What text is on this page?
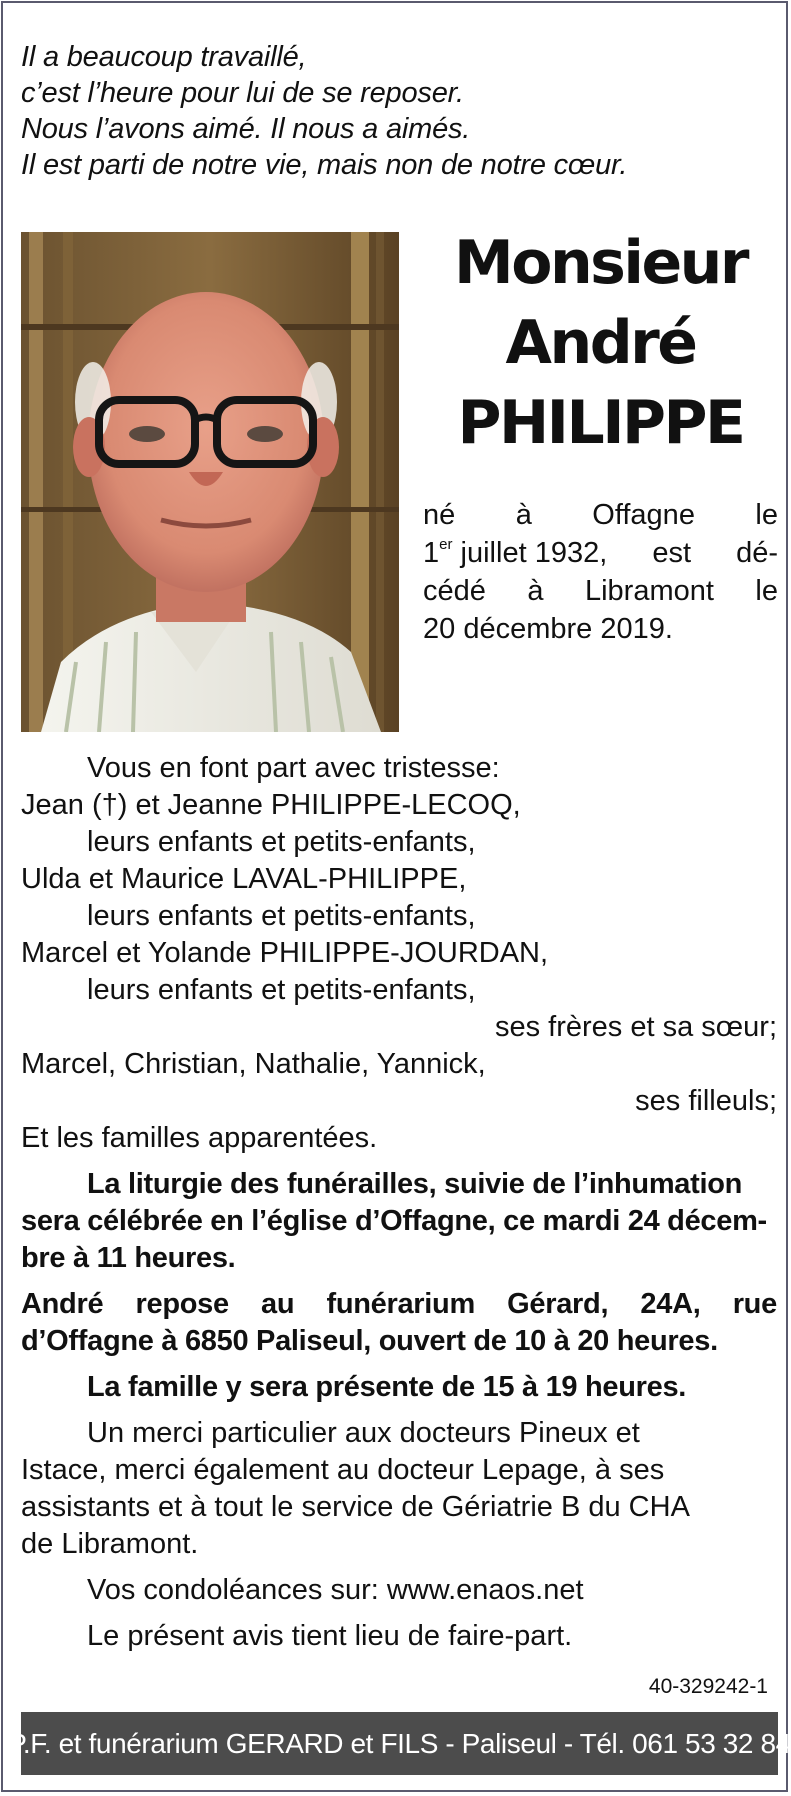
Il a beaucoup travaillé,
c’est l’heure pour lui de se reposer.
Nous l’avons aimé. Il nous a aimés.
Il est parti de notre vie, mais non de notre cœur.
Monsieur
André
PHILIPPE
né à Offagne le
1er juillet 1932, est dé-
cédé à Libramont le
20 décembre 2019.
Vous en font part avec tristesse:
Jean (†) et Jeanne PHILIPPE-LECOQ,
leurs enfants et petits-enfants,
Ulda et Maurice LAVAL-PHILIPPE,
leurs enfants et petits-enfants,
Marcel et Yolande PHILIPPE-JOURDAN,
leurs enfants et petits-enfants,
ses frères et sa sœur;
Marcel, Christian, Nathalie, Yannick,
ses filleuls;
Et les familles apparentées.
La liturgie des funérailles, suivie de l’inhumation
sera célébrée en l’église d’Offagne, ce mardi 24 décem-
bre à 11 heures.
André repose au funérarium Gérard, 24A, rue
d’Offagne à 6850 Paliseul, ouvert de 10 à 20 heures.
La famille y sera présente de 15 à 19 heures.
Un merci particulier aux docteurs Pineux et
Istace, merci également au docteur Lepage, à ses
assistants et à tout le service de Gériatrie B du CHA
de Libramont.
Vos condoléances sur: www.enaos.net
Le présent avis tient lieu de faire-part.
40-329242-1
P.F. et funérarium GERARD et FILS - Paliseul - Tél. 061 53 32 84
